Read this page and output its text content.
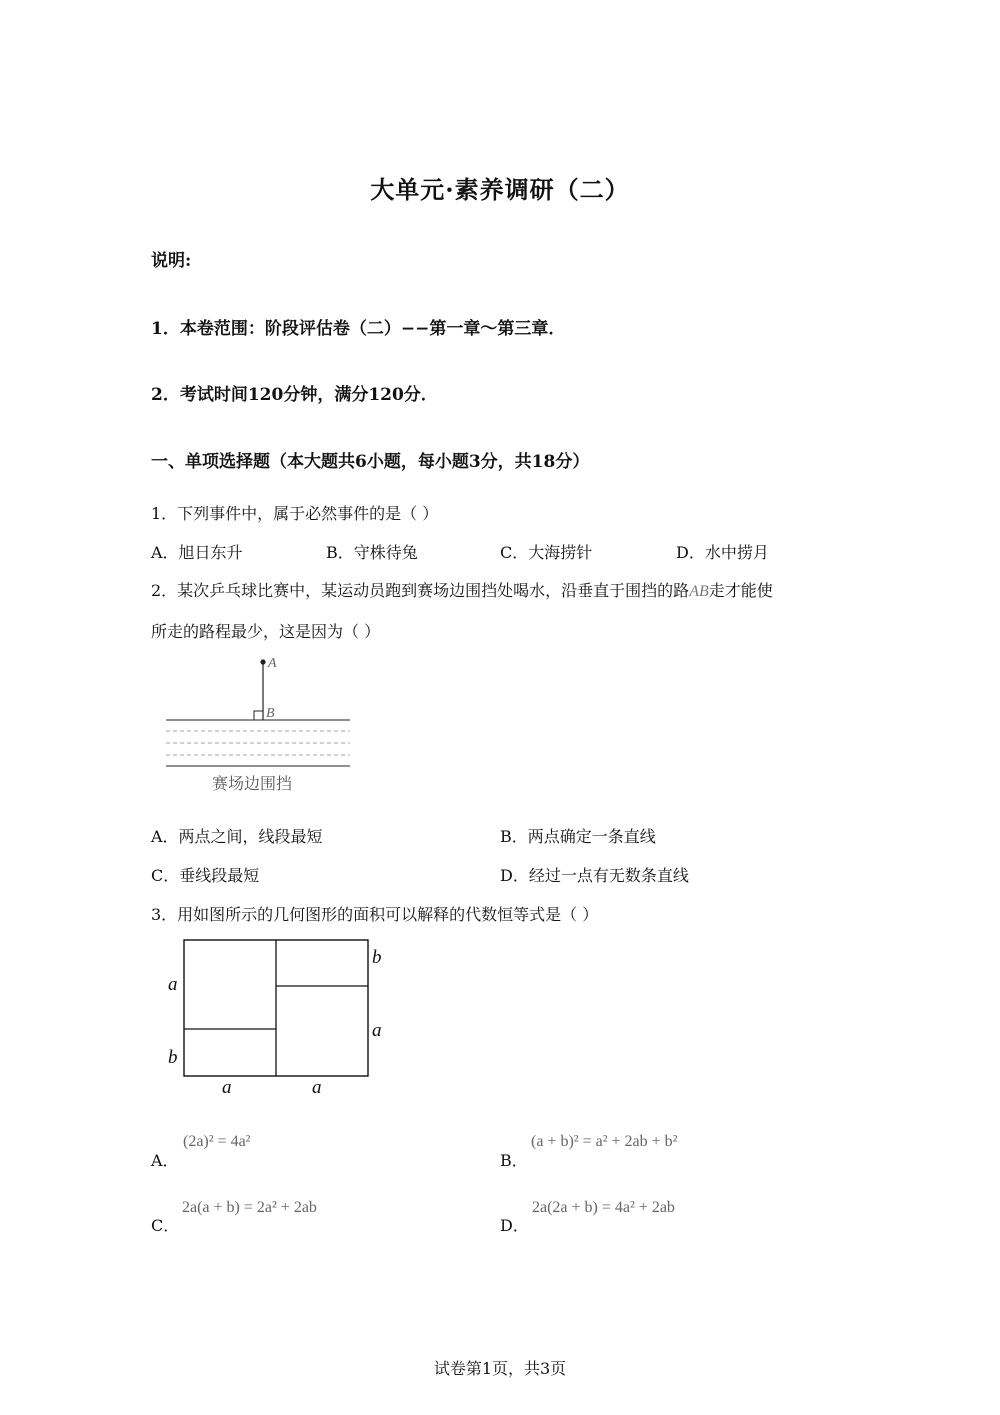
大单元·素养调研（二）
说明:
1．本卷范围：阶段评估卷（二）−−第一章～第三章．
2．考试时间120分钟，满分120分．
一、单项选择题（本大题共6小题，每小题3分，共18分）
1．下列事件中，属于必然事件的是（ ）
A．旭日东升	B．守株待兔	C．大海捞针	D．水中捞月
2．某次乒乓球比赛中，某运动员跑到赛场边围挡处喝水，沿垂直于围挡的路AB走才能使
所走的路程最少，这是因为（ ）
A
B
赛场边围挡
A．两点之间，线段最短	B．两点确定一条直线
C．垂线段最短	D．经过一点有无数条直线
3．用如图所示的几何图形的面积可以解释的代数恒等式是（ ）
a
b
a	a
b
a
A．
(2a)² = 4a²
B．
(a + b)² = a² + 2ab + b²
C．
2a(a + b) = 2a² + 2ab
D．
2a(2a + b) = 4a² + 2ab
试卷第1页，共3页
